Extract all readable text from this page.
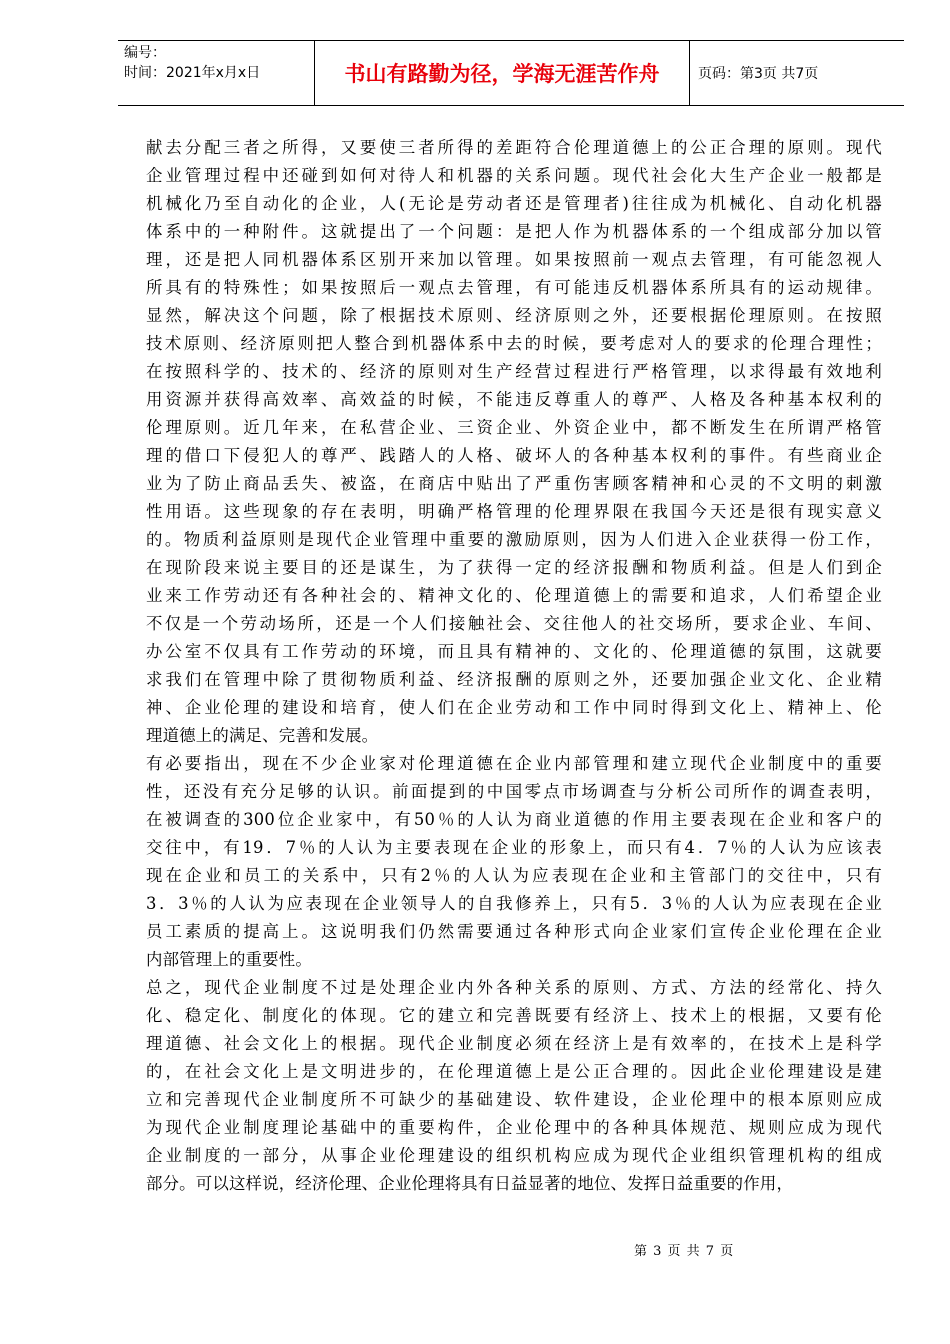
编号：
时间：2021年x月x日	书山有路勤为径，学海无涯苦作舟	页码：第3页 共7页
献去分配三者之所得，又要使三者所得的差距符合伦理道德上的公正合理的原则。现代
企业管理过程中还碰到如何对待人和机器的关系问题。现代社会化大生产企业一般都是
机械化乃至自动化的企业，人(无论是劳动者还是管理者)往往成为机械化、自动化机器
体系中的一种附件。这就提出了一个问题：是把人作为机器体系的一个组成部分加以管
理，还是把人同机器体系区别开来加以管理。如果按照前一观点去管理，有可能忽视人
所具有的特殊性；如果按照后一观点去管理，有可能违反机器体系所具有的运动规律。
显然，解决这个问题，除了根据技术原则、经济原则之外，还要根据伦理原则。在按照
技术原则、经济原则把人整合到机器体系中去的时候，要考虑对人的要求的伦理合理性；
在按照科学的、技术的、经济的原则对生产经营过程进行严格管理，以求得最有效地利
用资源并获得高效率、高效益的时候，不能违反尊重人的尊严、人格及各种基本权利的
伦理原则。近几年来，在私营企业、三资企业、外资企业中，都不断发生在所谓严格管
理的借口下侵犯人的尊严、践踏人的人格、破坏人的各种基本权利的事件。有些商业企
业为了防止商品丢失、被盗，在商店中贴出了严重伤害顾客精神和心灵的不文明的刺激
性用语。这些现象的存在表明，明确严格管理的伦理界限在我国今天还是很有现实意义
的。物质利益原则是现代企业管理中重要的激励原则，因为人们进入企业获得一份工作，
在现阶段来说主要目的还是谋生，为了获得一定的经济报酬和物质利益。但是人们到企
业来工作劳动还有各种社会的、精神文化的、伦理道德上的需要和追求，人们希望企业
不仅是一个劳动场所，还是一个人们接触社会、交往他人的社交场所，要求企业、车间、
办公室不仅具有工作劳动的环境，而且具有精神的、文化的、伦理道德的氛围，这就要
求我们在管理中除了贯彻物质利益、经济报酬的原则之外，还要加强企业文化、企业精
神、企业伦理的建设和培育，使人们在企业劳动和工作中同时得到文化上、精神上、伦
理道德上的满足、完善和发展。
有必要指出，现在不少企业家对伦理道德在企业内部管理和建立现代企业制度中的重要
性，还没有充分足够的认识。前面提到的中国零点市场调查与分析公司所作的调查表明，
在被调查的300位企业家中，有50％的人认为商业道德的作用主要表现在企业和客户的
交往中，有19．7％的人认为主要表现在企业的形象上，而只有4．7％的人认为应该表
现在企业和员工的关系中，只有2％的人认为应表现在企业和主管部门的交往中，只有
3．3％的人认为应表现在企业领导人的自我修养上，只有5．3％的人认为应表现在企业
员工素质的提高上。这说明我们仍然需要通过各种形式向企业家们宣传企业伦理在企业
内部管理上的重要性。
总之，现代企业制度不过是处理企业内外各种关系的原则、方式、方法的经常化、持久
化、稳定化、制度化的体现。它的建立和完善既要有经济上、技术上的根据，又要有伦
理道德、社会文化上的根据。现代企业制度必须在经济上是有效率的，在技术上是科学
的，在社会文化上是文明进步的，在伦理道德上是公正合理的。因此企业伦理建设是建
立和完善现代企业制度所不可缺少的基础建设、软件建设，企业伦理中的根本原则应成
为现代企业制度理论基础中的重要构件，企业伦理中的各种具体规范、规则应成为现代
企业制度的一部分，从事企业伦理建设的组织机构应成为现代企业组织管理机构的组成
部分。可以这样说，经济伦理、企业伦理将具有日益显著的地位、发挥日益重要的作用，
第 3 页 共 7 页
